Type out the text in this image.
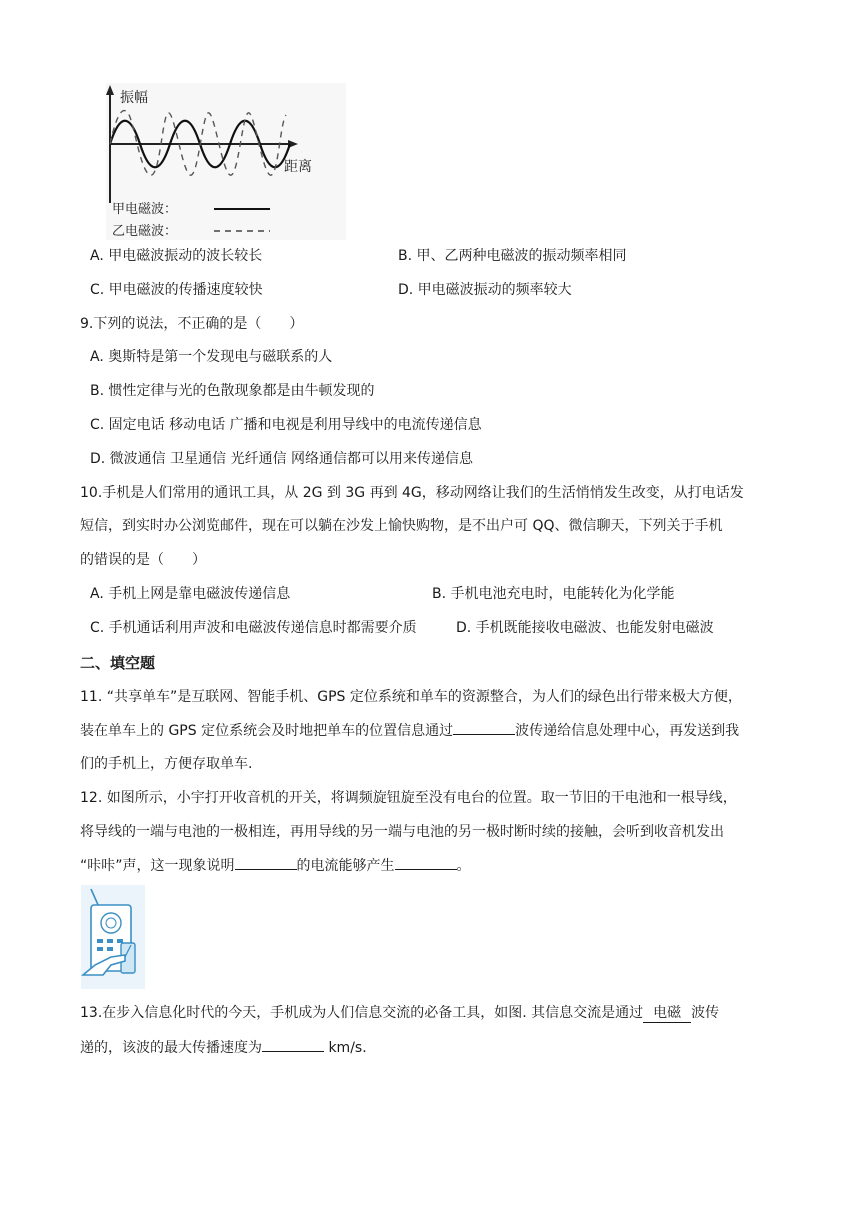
振幅
距离
甲电磁波：
乙电磁波：
A. 甲电磁波振动的波长较长	B. 甲、乙两种电磁波的振动频率相同
C. 甲电磁波的传播速度较快	D. 甲电磁波振动的频率较大
9.下列的说法，不正确的是（　　）
A. 奥斯特是第一个发现电与磁联系的人
B. 惯性定律与光的色散现象都是由牛顿发现的
C. 固定电话 移动电话 广播和电视是利用导线中的电流传递信息
D. 微波通信 卫星通信 光纤通信 网络通信都可以用来传递信息
10.手机是人们常用的通讯工具，从 2G 到 3G 再到 4G，移动网络让我们的生活悄悄发生改变，从打电话发
短信，到实时办公浏览邮件，现在可以躺在沙发上愉快购物，是不出户可 QQ、微信聊天，下列关于手机
的错误的是（　　）
A. 手机上网是靠电磁波传递信息	B. 手机电池充电时，电能转化为化学能
C. 手机通话利用声波和电磁波传递信息时都需要介质	D. 手机既能接收电磁波、也能发射电磁波
二、填空题
11. “共享单车”是互联网、智能手机、GPS 定位系统和单车的资源整合，为人们的绿色出行带来极大方便，
装在单车上的 GPS 定位系统会及时地把单车的位置信息通过	波传递给信息处理中心，再发送到我
们的手机上，方便存取单车.
12. 如图所示，小宇打开收音机的开关，将调频旋钮旋至没有电台的位置。取一节旧的干电池和一根导线，
将导线的一端与电池的一极相连，再用导线的另一端与电池的另一极时断时续的接触，会听到收音机发出
“咔咔”声，这一现象说明	的电流能够产生	。
13.在步入信息化时代的今天，手机成为人们信息交流的必备工具，如图. 其信息交流是通过 电磁 波传
递的，该波的最大传播速度为	km/s.
